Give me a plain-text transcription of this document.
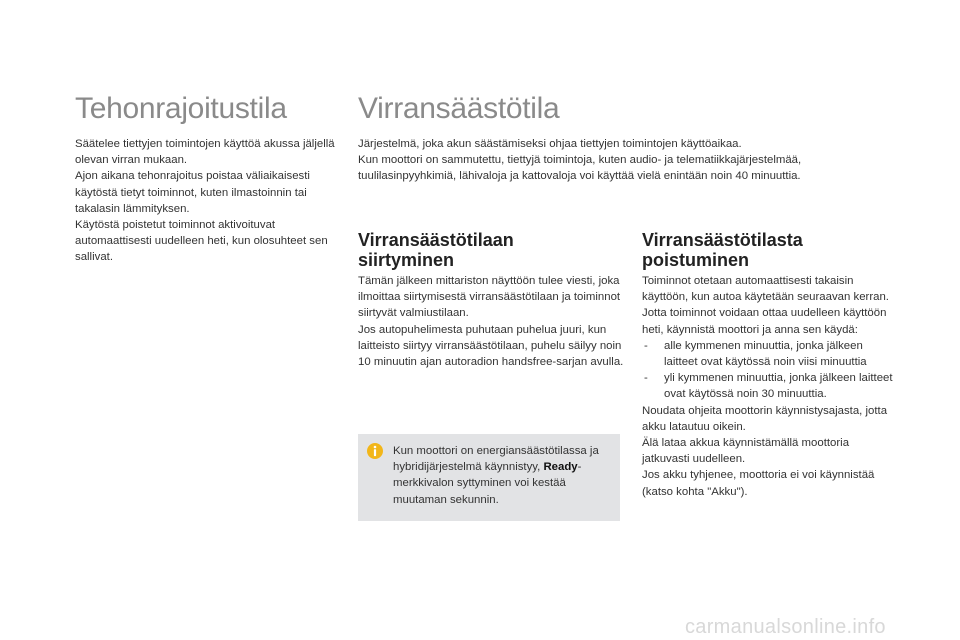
Tehonrajoitustila

Säätelee tiettyjen toimintojen käyttöä akussa jäljellä olevan virran mukaan.

Ajon aikana tehonrajoitus poistaa väliaikaisesti käytöstä tietyt toiminnot, kuten ilmastoinnin tai takalasin lämmityksen.

Käytöstä poistetut toiminnot aktivoituvat automaattisesti uudelleen heti, kun olosuhteet sen sallivat.

Virransäästötila

Järjestelmä, joka akun säästämiseksi ohjaa tiettyjen toimintojen käyttöaikaa.

Kun moottori on sammutettu, tiettyjä toimintoja, kuten audio- ja telematiikkajärjestelmää, tuulilasinpyyhkimiä, lähivaloja ja kattovaloja voi käyttää vielä enintään noin 40 minuuttia.

Virransäästötilaan siirtyminen

Tämän jälkeen mittariston näyttöön tulee viesti, joka ilmoittaa siirtymisestä virransäästötilaan ja toiminnot siirtyvät valmiustilaan.

Jos autopuhelimesta puhutaan puhelua juuri, kun laitteisto siirtyy virransäästötilaan, puhelu säilyy noin 10 minuutin ajan autoradion handsfree-sarjan avulla.

Kun moottori on energiansäästötilassa ja hybridijärjestelmä käynnistyy, Ready-merkkivalon syttyminen voi kestää muutaman sekunnin.

Virransäästötilasta poistuminen

Toiminnot otetaan automaattisesti takaisin käyttöön, kun autoa käytetään seuraavan kerran.

Jotta toiminnot voidaan ottaa uudelleen käyttöön heti, käynnistä moottori ja anna sen käydä:

- alle kymmenen minuuttia, jonka jälkeen laitteet ovat käytössä noin viisi minuuttia
- yli kymmenen minuuttia, jonka jälkeen laitteet ovat käytössä noin 30 minuuttia.

Noudata ohjeita moottorin käynnistysajasta, jotta akku latautuu oikein.

Älä lataa akkua käynnistämällä moottoria jatkuvasti uudelleen.

Jos akku tyhjenee, moottoria ei voi käynnistää (katso kohta "Akku").

carmanualsonline.info
